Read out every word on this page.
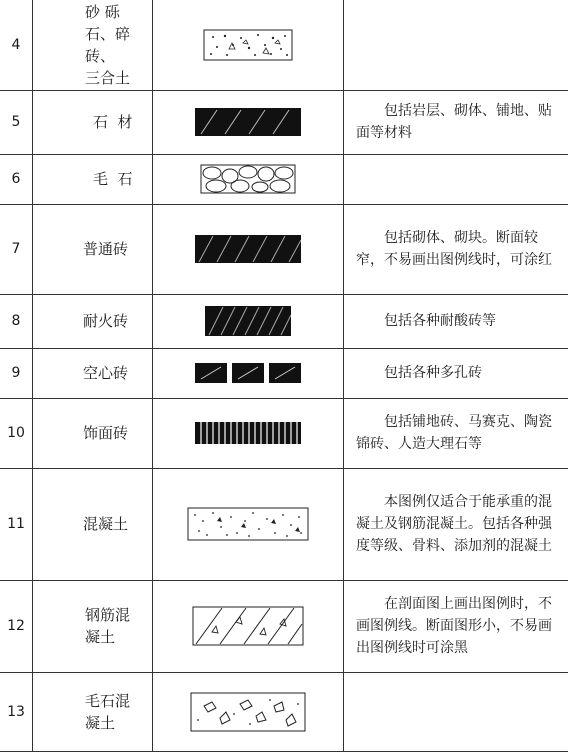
4	砂 砾
石、碎砖、
三合土	

5	石  材		包括岩层、砌体、铺地、贴面等材料
6	毛  石	

7	普通砖		包括砌体、砌块。断面较窄，不易画出图例线时，可涂红
8	耐火砖		包括各种耐酸砖等
9	空心砖		包括各种多孔砖
10	饰面砖		包括铺地砖、马赛克、陶瓷锦砖、人造大理石等
11	混凝土		本图例仅适合于能承重的混凝土及钢筋混凝土。包括各种强度等级、骨料、添加剂的混凝土
12	钢筋混
凝土		在剖面图上画出图例时，不画图例线。断面图形小，不易画出图例线时可涂黑
13	毛石混
凝土	
